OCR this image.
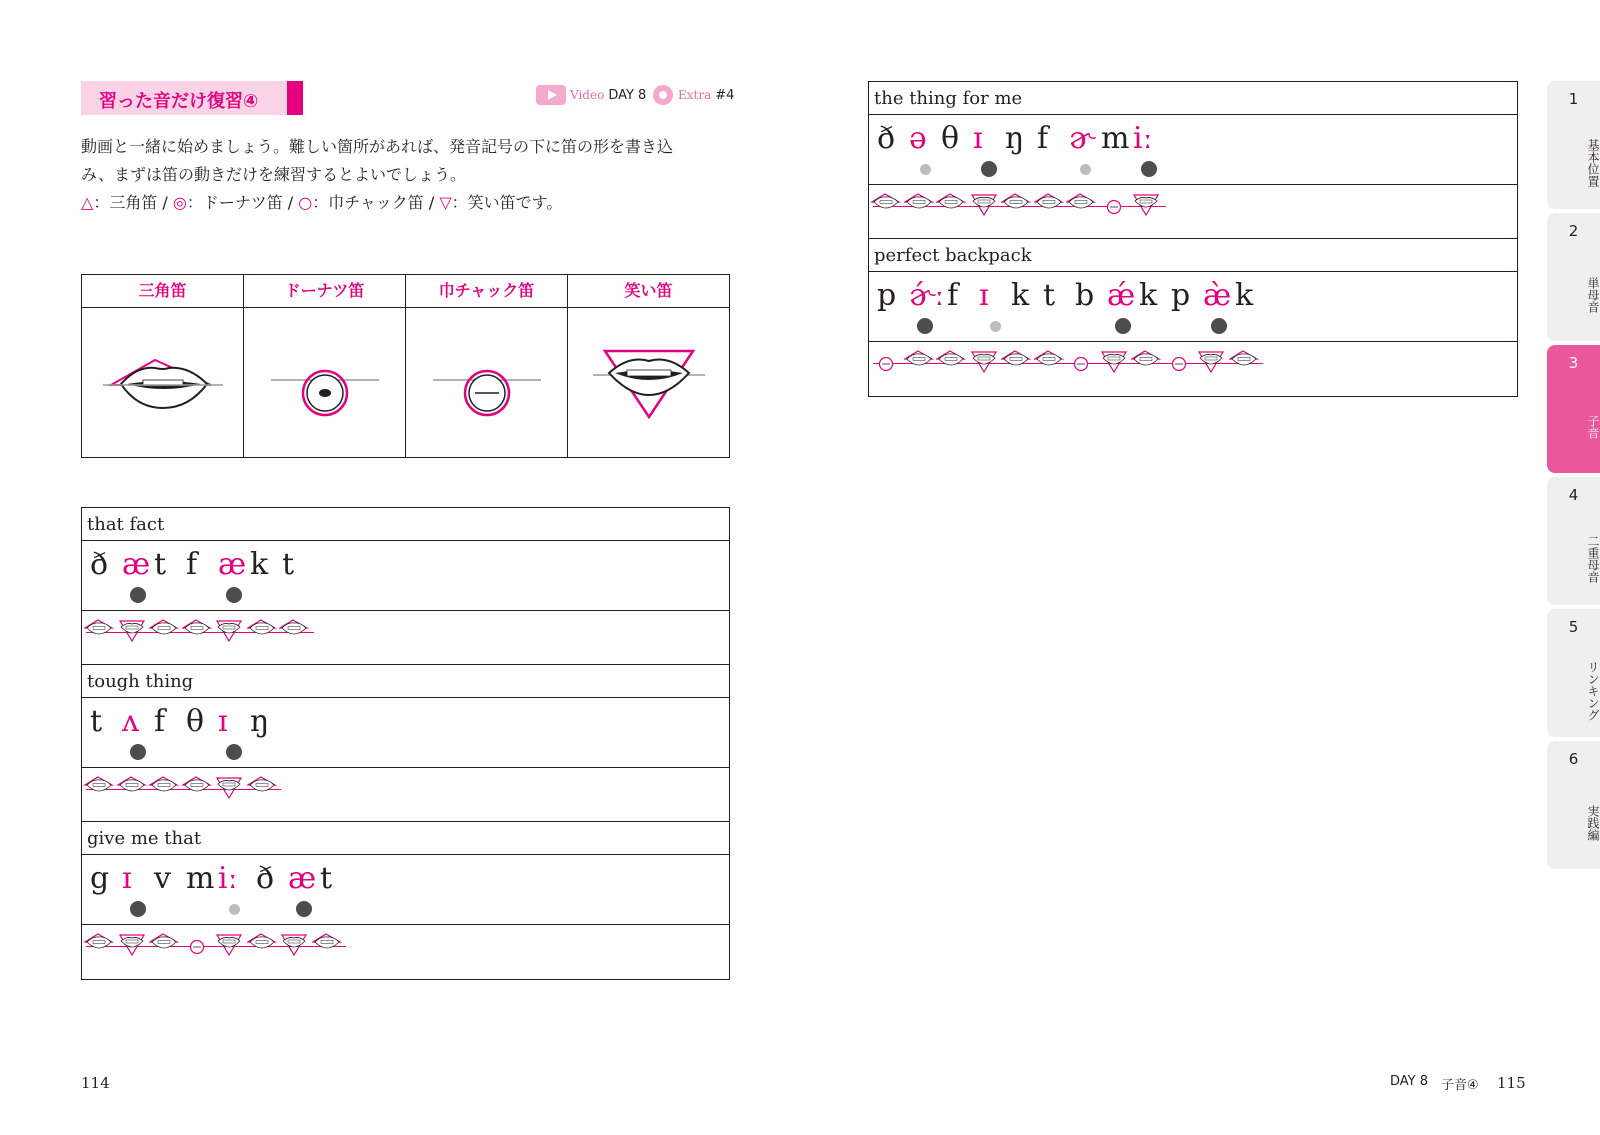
習った音だけ復習④	Video DAY 8	Extra #4

動画と一緒に始めましょう。難しい箇所があれば、発音記号の下に笛の形を書き込

み、まずは笛の動きだけを練習するとよいでしょう。

△：三角笛 / ◎：ドーナツ笛 / ○：巾チャック笛 / ▽：笑い笛です。
三角笛	ドーナツ笛	巾チャック笛	笑い笛
that fact
ð æ t f æ k t
tough thing
t ʌ f θ ɪ ŋ
give me that
g ɪ v m iː ð æ t
the thing for me
ð ə θ ɪ ŋ f ɚ m iː
perfect backpack
p ɚ́ː f ɪ k t b ǽ k p æ̀ k
114	DAY 8 子音④ 115
1
基本位置
2
単母音
3
子音
4
二重母音
5
リンキング
6
実践編
